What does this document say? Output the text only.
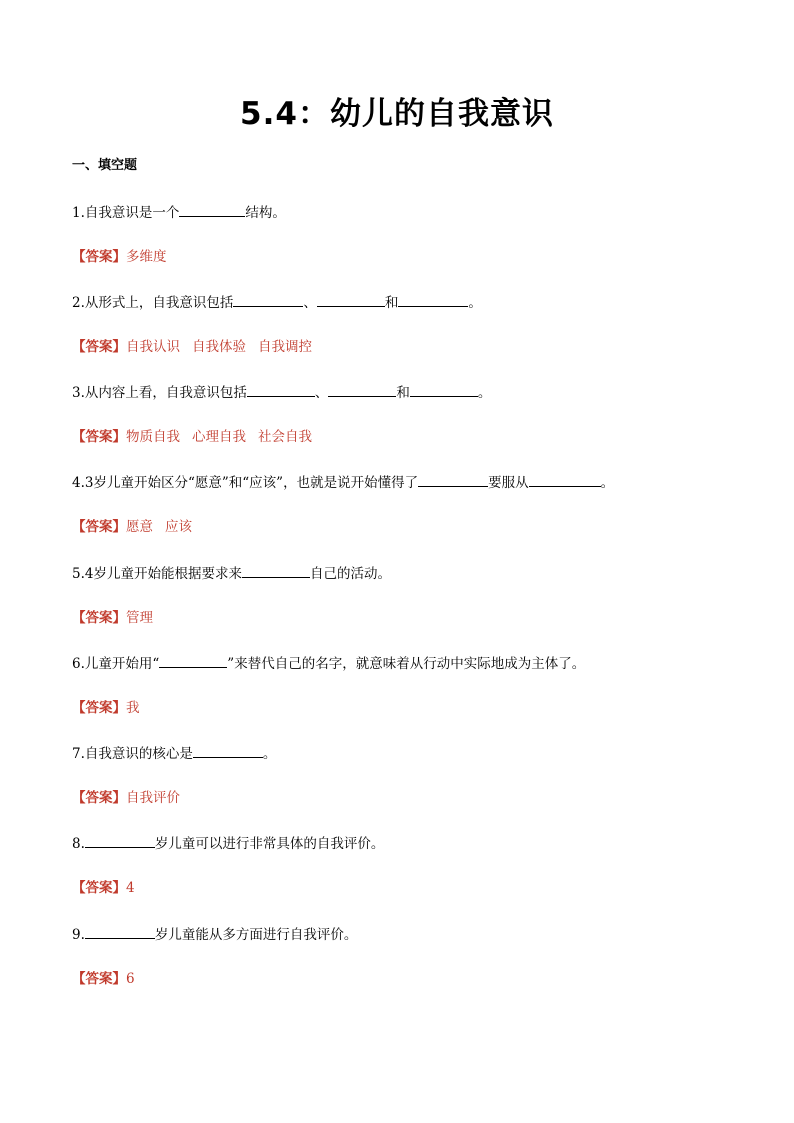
5.4：幼儿的自我意识
一、填空题
1.自我意识是一个	结构。
【答案】多维度
2.从形式上，自我意识包括	、	和	。
【答案】自我认识 自我体验 自我调控
3.从内容上看，自我意识包括	、	和	。
【答案】物质自我 心理自我 社会自我
4.3岁儿童开始区分“愿意”和“应该”，也就是说开始懂得了	要服从	。
【答案】愿意 应该
5.4岁儿童开始能根据要求来	自己的活动。
【答案】管理
6.儿童开始用“	”来替代自己的名字，就意味着从行动中实际地成为主体了。
【答案】我
7.自我意识的核心是	。
【答案】自我评价
8.	岁儿童可以进行非常具体的自我评价。
【答案】4
9.	岁儿童能从多方面进行自我评价。
【答案】6
